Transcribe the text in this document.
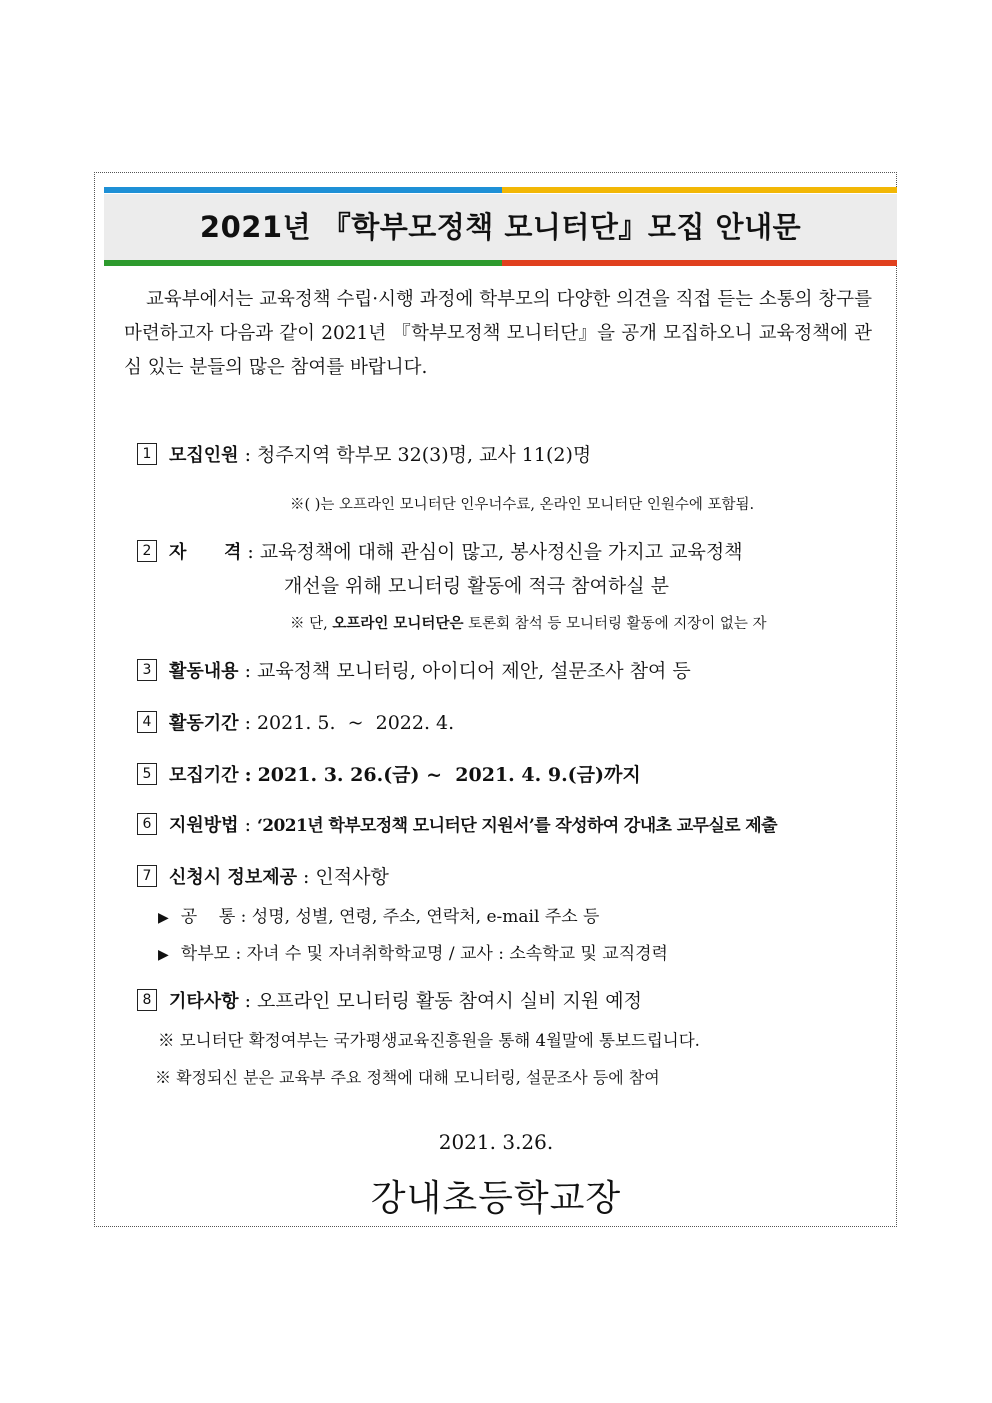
2021년 『학부모정책 모니터단』모집 안내문

교육부에서는 교육정책 수립·시행 과정에 학부모의 다양한 의견을 직접 듣는 소통의 창구를 마련하고자 다음과 같이 2021년 『학부모정책 모니터단』을 공개 모집하오니 교육정책에 관심 있는 분들의 많은 참여를 바랍니다.

1 모집인원 : 청주지역 학부모 32(3)명, 교사 11(2)명
※( )는 오프라인 모니터단 인우너수료, 온라인 모니터단 인원수에 포함됨.
2 자      격 : 교육정책에 대해 관심이 많고, 봉사정신을 가지고 교육정책
개선을 위해 모니터링 활동에 적극 참여하실 분
※ 단, 오프라인 모니터단은 토론회 참석 등 모니터링 활동에 지장이 없는 자
3 활동내용 : 교육정책 모니터링, 아이디어 제안, 설문조사 참여 등
4 활동기간 : 2021. 5.  ~  2022. 4.
5 모집기간 : 2021. 3. 26.(금) ~  2021. 4. 9.(금)까지
6 지원방법 : ‘2021년 학부모정책 모니터단 지원서’를 작성하여 강내초 교무실로 제출
7 신청시 정보제공 : 인적사항
▶ 공    통 : 성명, 성별, 연령, 주소, 연락처, e-mail 주소 등
▶ 학부모 : 자녀 수 및 자녀취학학교명 / 교사 : 소속학교 및 교직경력
8 기타사항 : 오프라인 모니터링 활동 참여시 실비 지원 예정
※ 모니터단 확정여부는 국가평생교육진흥원을 통해 4월말에 통보드립니다.
※ 확정되신 분은 교육부 주요 정책에 대해 모니터링, 설문조사 등에 참여
2021. 3.26.
강내초등학교장
